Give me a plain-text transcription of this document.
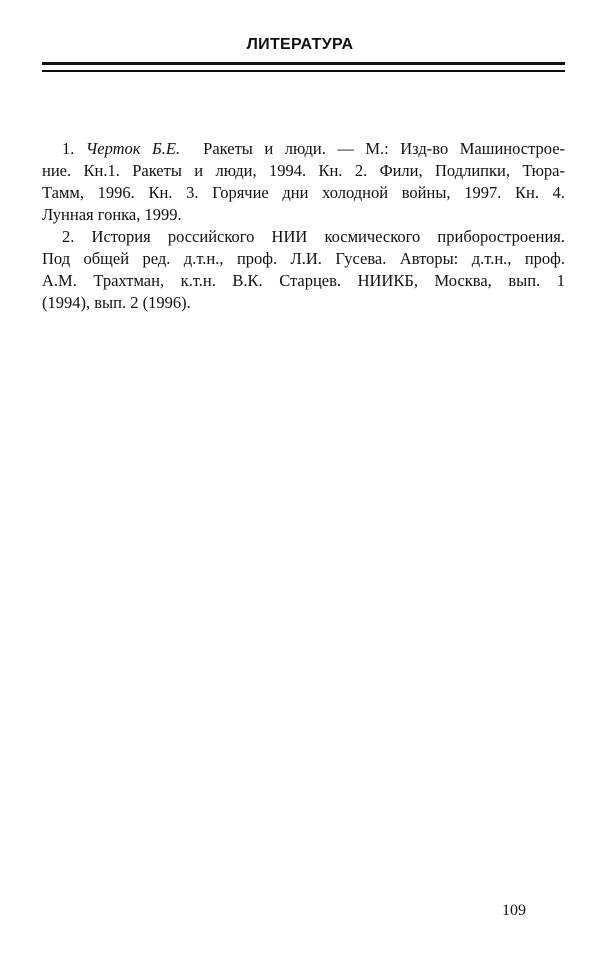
ЛИТЕРАТУРА
1. Черток Б.Е. Ракеты и люди. — М.: Изд-во Машинострое-
ние. Кн.1. Ракеты и люди, 1994. Кн. 2. Фили, Подлипки, Тюра-
Тамм, 1996. Кн. 3. Горячие дни холодной войны, 1997. Кн. 4.
Лунная гонка, 1999.
2. История российского НИИ космического приборостроения.
Под общей ред. д.т.н., проф. Л.И. Гусева. Авторы: д.т.н., проф.
А.М. Трахтман, к.т.н. В.К. Старцев. НИИКБ, Москва, вып. 1
(1994), вып. 2 (1996).
109
